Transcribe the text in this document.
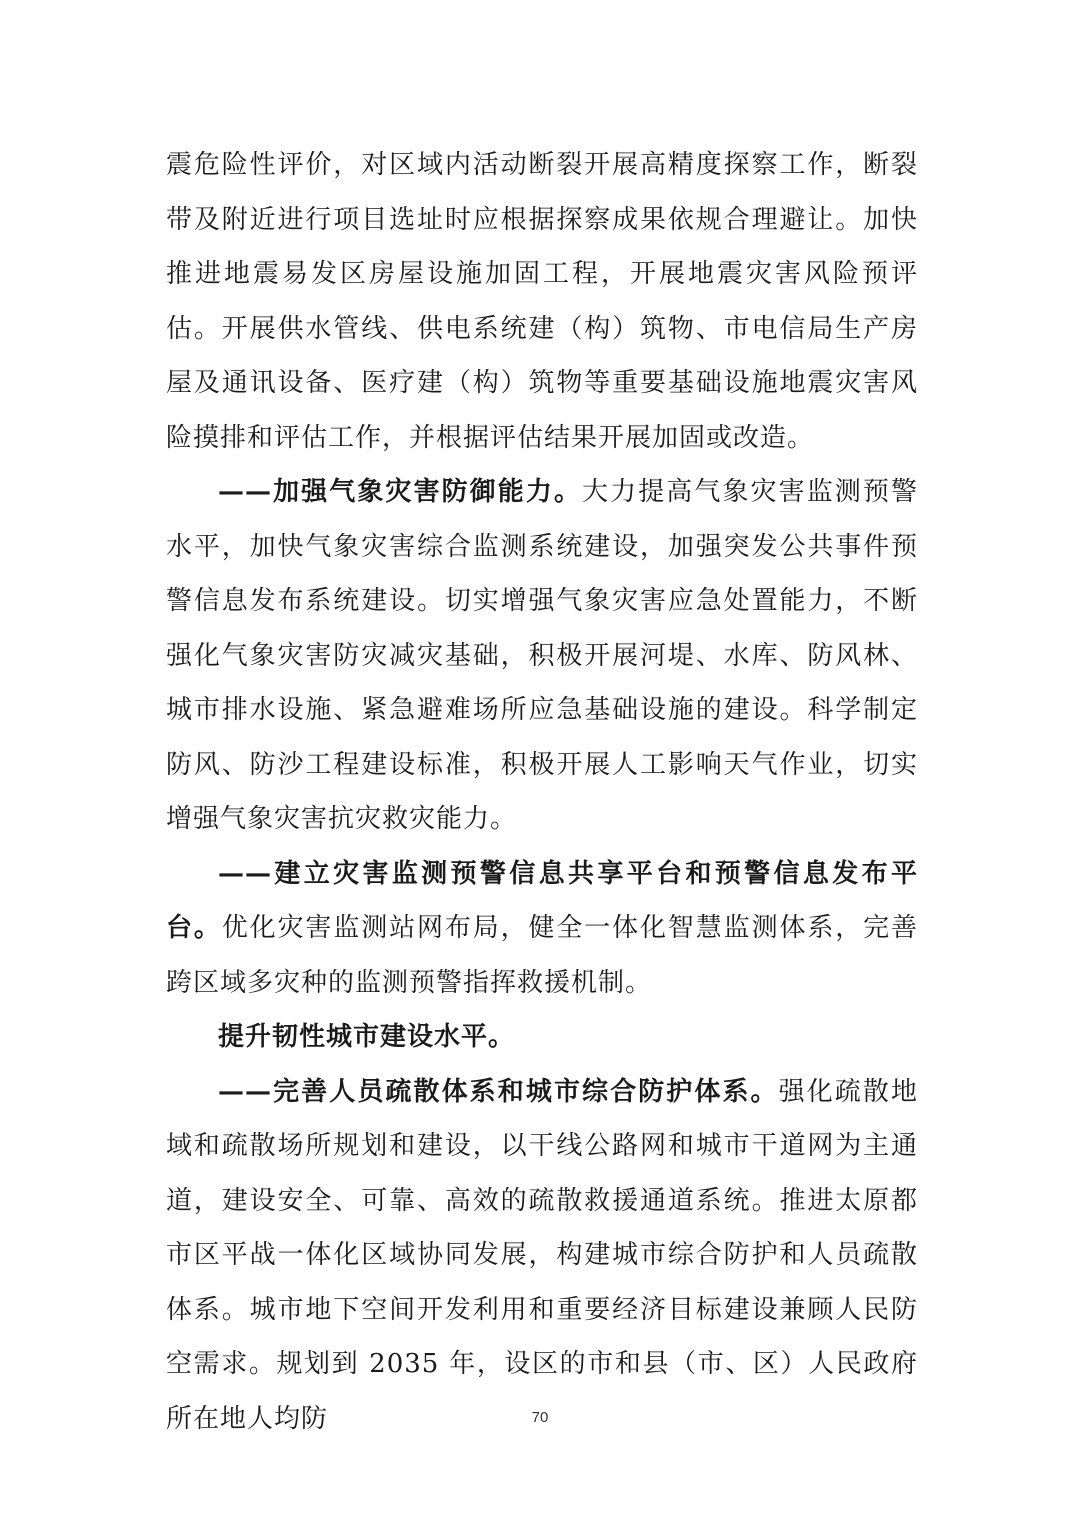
震危险性评价，对区域内活动断裂开展高精度探察工作，断裂带及附近进行项目选址时应根据探察成果依规合理避让。加快推进地震易发区房屋设施加固工程，开展地震灾害风险预评估。开展供水管线、供电系统建（构）筑物、市电信局生产房屋及通讯设备、医疗建（构）筑物等重要基础设施地震灾害风险摸排和评估工作，并根据评估结果开展加固或改造。

——加强气象灾害防御能力。大力提高气象灾害监测预警水平，加快气象灾害综合监测系统建设，加强突发公共事件预警信息发布系统建设。切实增强气象灾害应急处置能力，不断强化气象灾害防灾减灾基础，积极开展河堤、水库、防风林、城市排水设施、紧急避难场所应急基础设施的建设。科学制定防风、防沙工程建设标准，积极开展人工影响天气作业，切实增强气象灾害抗灾救灾能力。

——建立灾害监测预警信息共享平台和预警信息发布平台。优化灾害监测站网布局，健全一体化智慧监测体系，完善跨区域多灾种的监测预警指挥救援机制。

提升韧性城市建设水平。

——完善人员疏散体系和城市综合防护体系。强化疏散地域和疏散场所规划和建设，以干线公路网和城市干道网为主通道，建设安全、可靠、高效的疏散救援通道系统。推进太原都市区平战一体化区域协同发展，构建城市综合防护和人员疏散体系。城市地下空间开发利用和重要经济目标建设兼顾人民防空需求。规划到 2035 年，设区的市和县（市、区）人民政府所在地人均防	70
